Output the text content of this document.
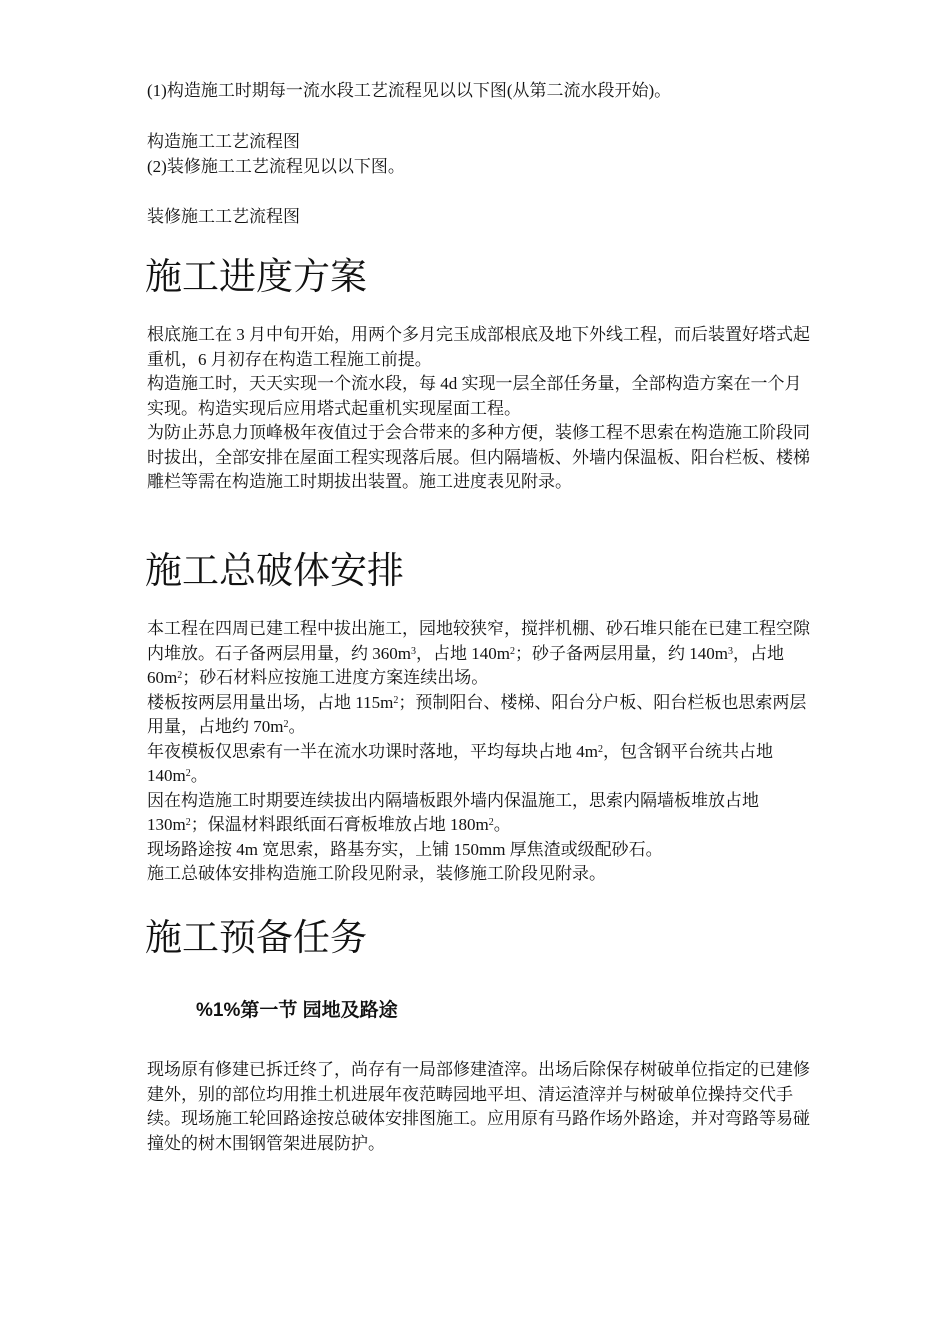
(1)构造施工时期每一流水段工艺流程见以以下图(从第二流水段开始)。
构造施工工艺流程图
(2)装修施工工艺流程见以以下图。
装修施工工艺流程图
施工进度方案

根底施工在 3 月中旬开始，用两个多月完玉成部根底及地下外线工程，而后装置好塔式起重机，6 月初存在构造工程施工前提。

构造施工时，天天实现一个流水段，每 4d 实现一层全部任务量，全部构造方案在一个月实现。构造实现后应用塔式起重机实现屋面工程。

为防止苏息力顶峰极年夜值过于会合带来的多种方便，装修工程不思索在构造施工阶段同时拔出，全部安排在屋面工程实现落后展。但内隔墙板、外墙内保温板、阳台栏板、楼梯雕栏等需在构造施工时期拔出装置。施工进度表见附录。

施工总破体安排

本工程在四周已建工程中拔出施工，园地较狭窄，搅拌机棚、砂石堆只能在已建工程空隙内堆放。石子备两层用量，约 $360m^3$，占地 $140m^2$；砂子备两层用量，约 $140m^3$，占地 $60m^2$；砂石材料应按施工进度方案连续出场。

楼板按两层用量出场，占地 $115m^2$；预制阳台、楼梯、阳台分户板、阳台栏板也思索两层用量，占地约 $70m^2$。

年夜模板仅思索有一半在流水功课时落地，平均每块占地 $4m^2$，包含钢平台统共占地 $140m^2$。

因在构造施工时期要连续拔出内隔墙板跟外墙内保温施工，思索内隔墙板堆放占地 $130m^2$；保温材料跟纸面石膏板堆放占地 $180m^2$。

现场路途按 4m 宽思索，路基夯实，上铺 150mm 厚焦渣或级配砂石。

施工总破体安排构造施工阶段见附录，装修施工阶段见附录。

施工预备任务
%1%第一节 园地及路途

现场原有修建已拆迁终了，尚存有一局部修建渣滓。出场后除保存树破单位指定的已建修建外，别的部位均用推土机进展年夜范畴园地平坦、清运渣滓并与树破单位操持交代手续。现场施工轮回路途按总破体安排图施工。应用原有马路作场外路途，并对弯路等易碰撞处的树木围钢管架进展防护。
